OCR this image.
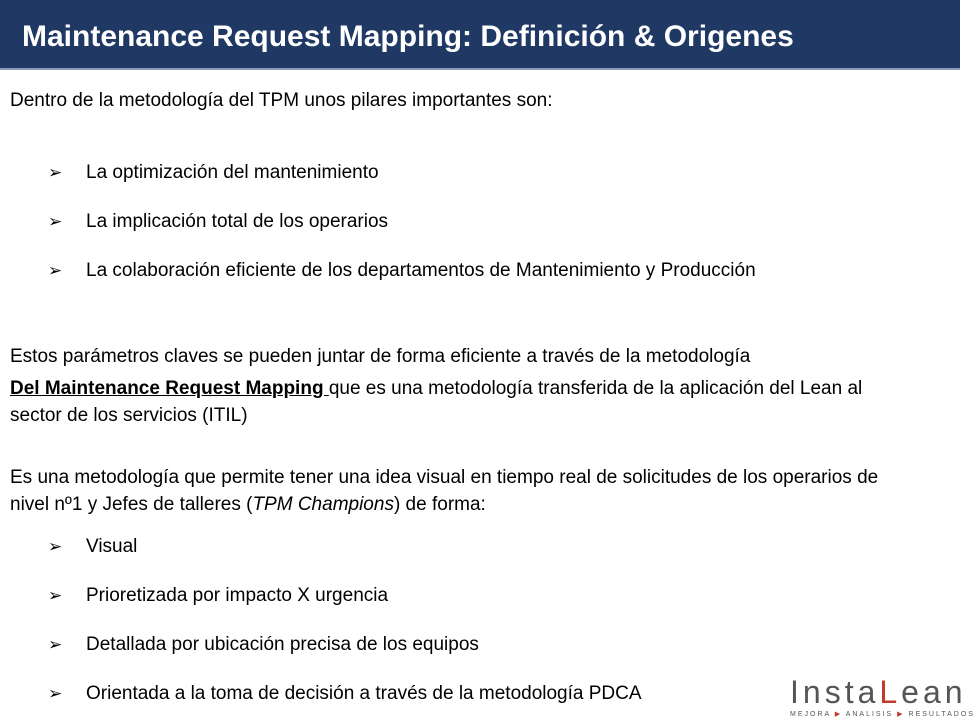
Maintenance Request Mapping: Definición & Origenes
Dentro de la metodología del TPM unos pilares importantes son:
➢ La optimización del mantenimiento
➢ La implicación total de los operarios
➢ La colaboración eficiente de los departamentos de Mantenimiento y Producción
Estos parámetros claves se pueden juntar de forma eficiente a través de la metodología
Del Maintenance Request Mapping que es una metodología transferida de la aplicación del Lean al
sector de los servicios (ITIL)
Es una metodología que permite tener una idea visual en tiempo real de solicitudes de los operarios de
nivel nº1 y Jefes de talleres (TPM Champions) de forma:
➢ Visual
➢ Prioretizada por impacto X urgencia
➢ Detallada por ubicación precisa de los equipos
➢ Orientada a la toma de decisión a través de la metodología PDCA	InstaLean
MEJORA ▶ ANALISIS ▶ RESULTADOS
